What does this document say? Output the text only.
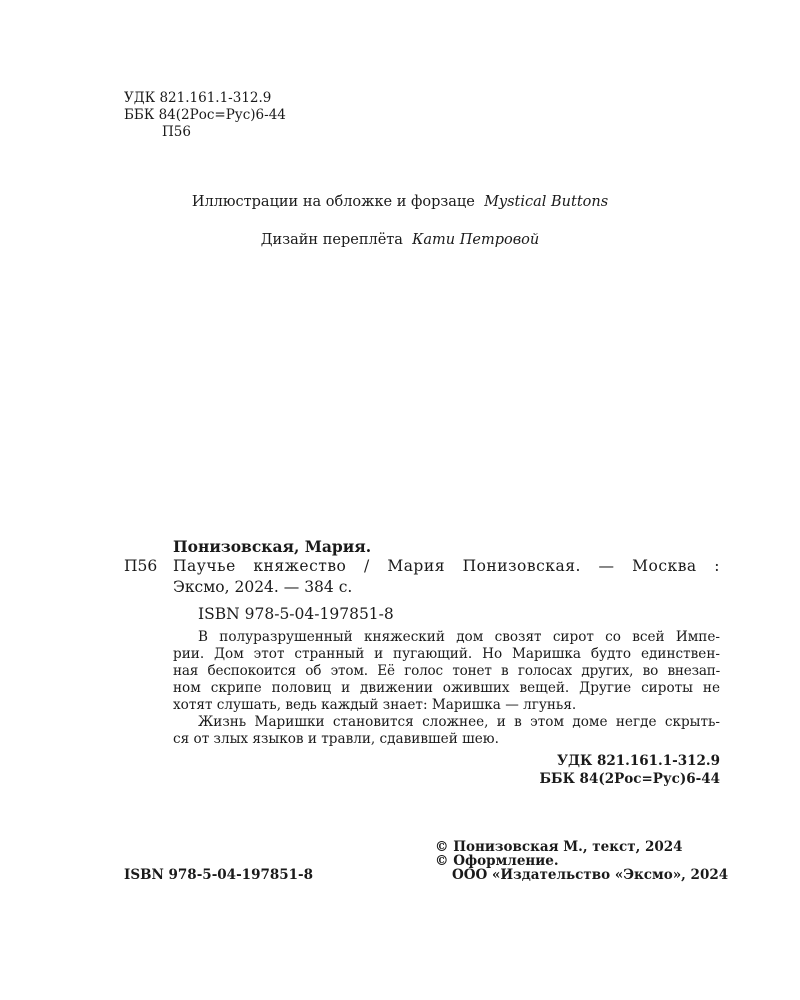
УДК 821.161.1-312.9
ББК 84(2Рос=Рус)6-44
П56
Иллюстрации на обложке и форзаце Mystical Buttons
Дизайн переплёта Кати Петровой
Понизовская, Мария.
П56 Паучье княжество / Мария Понизовская. — Москва :
Эксмо, 2024. — 384 с.
ISBN 978-5-04-197851-8
В полуразрушенный княжеский дом свозят сирот со всей Импе-
рии. Дом этот странный и пугающий. Но Маришка будто единствен-
ная беспокоится об этом. Её голос тонет в голосах других, во внезап-
ном скрипе половиц и движении оживших вещей. Другие сироты не
хотят слушать, ведь каждый знает: Маришка — лгунья.
Жизнь Маришки становится сложнее, и в этом доме негде скрыть-
ся от злых языков и травли, сдавившей шею.
УДК 821.161.1-312.9
ББК 84(2Рос=Рус)6-44
ISBN 978-5-04-197851-8
© Понизовская М., текст, 2024
© Оформление.
ООО «Издательство «Эксмо», 2024
